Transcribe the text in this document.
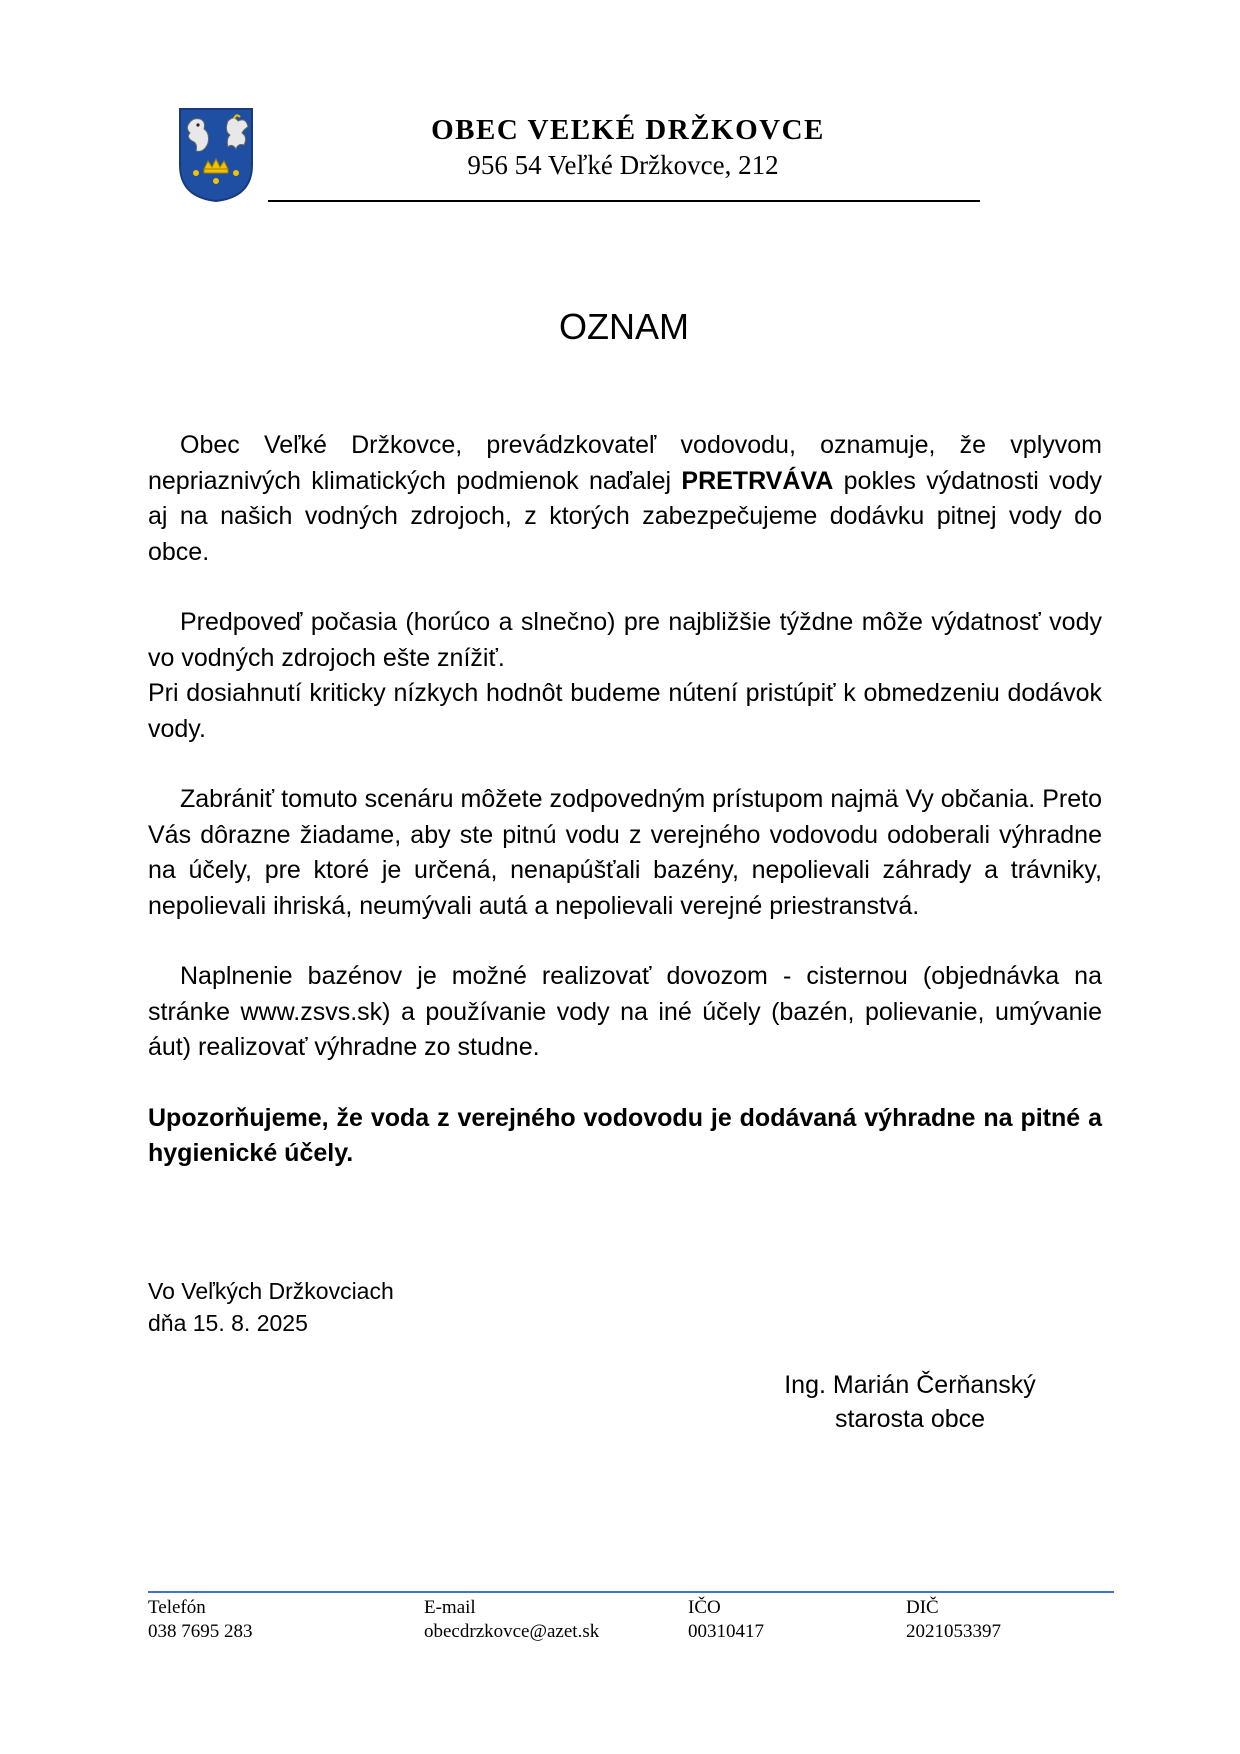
OBEC VEĽKÉ DRŽKOVCE
956 54 Veľké Držkovce, 212
OZNAM

Obec Veľké Držkovce, prevádzkovateľ vodovodu, oznamuje, že vplyvom nepriaznivých klimatických podmienok naďalej PRETRVÁVA pokles výdatnosti vody aj na našich vodných zdrojoch, z ktorých zabezpečujeme dodávku pitnej vody do obce.

Predpoveď počasia (horúco a slnečno) pre najbližšie týždne môže výdatnosť vody vo vodných zdrojoch ešte znížiť.

Pri dosiahnutí kriticky nízkych hodnôt budeme nútení pristúpiť k obmedzeniu dodávok vody.

Zabrániť tomuto scenáru môžete zodpovedným prístupom najmä Vy občania. Preto Vás dôrazne žiadame, aby ste pitnú vodu z verejného vodovodu odoberali výhradne na účely, pre ktoré je určená, nenapúšťali bazény, nepolievali záhrady a trávniky, nepolievali ihriská, neumývali autá a nepolievali verejné priestranstvá.

Naplnenie bazénov je možné realizovať dovozom - cisternou (objednávka na stránke www.zsvs.sk) a používanie vody na iné účely (bazén, polievanie, umývanie áut) realizovať výhradne zo studne.

Upozorňujeme, že voda z verejného vodovodu je dodávaná výhradne na pitné a hygienické účely.

Vo Veľkých Držkovciach
dňa 15. 8. 2025
Ing. Marián Čerňanský
starosta obce
Telefón
038 7695 283
E-mail
obecdrzkovce@azet.sk
IČO
00310417
DIČ
2021053397
